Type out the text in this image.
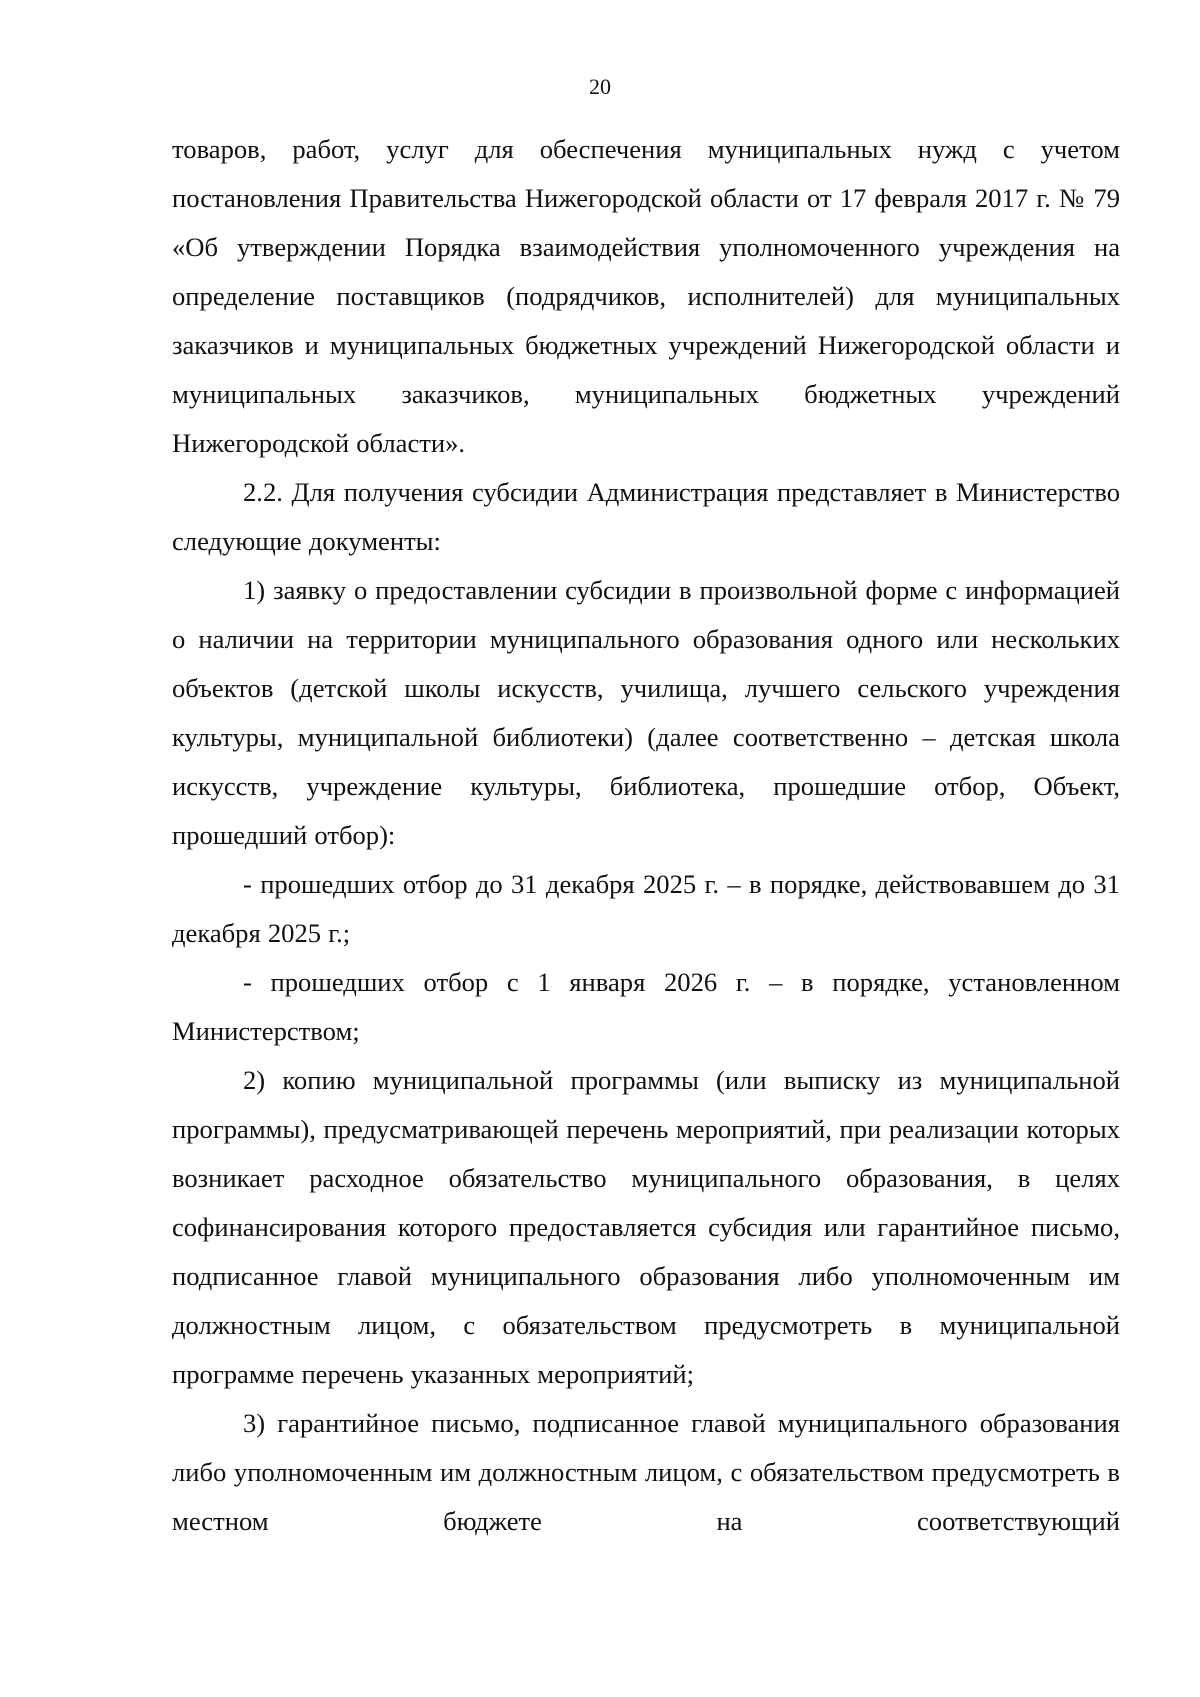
20

товаров, работ, услуг для обеспечения муниципальных нужд с учетом постановления Правительства Нижегородской области от 17 февраля 2017 г. № 79 «Об утверждении Порядка взаимодействия уполномоченного учреждения на определение поставщиков (подрядчиков, исполнителей) для муниципальных заказчиков и муниципальных бюджетных учреждений Нижегородской области и муниципальных заказчиков, муниципальных бюджетных учреждений Нижегородской области».

2.2. Для получения субсидии Администрация представляет в Министерство следующие документы:

1) заявку о предоставлении субсидии в произвольной форме с информацией о наличии на территории муниципального образования одного или нескольких объектов (детской школы искусств, училища, лучшего сельского учреждения культуры, муниципальной библиотеки) (далее соответственно – детская школа искусств, учреждение культуры, библиотека, прошедшие отбор, Объект, прошедший отбор):

- прошедших отбор до 31 декабря 2025 г. – в порядке, действовавшем до 31 декабря 2025 г.;

- прошедших отбор с 1 января 2026 г. – в порядке, установленном Министерством;

2) копию муниципальной программы (или выписку из муниципальной программы), предусматривающей перечень мероприятий, при реализации которых возникает расходное обязательство муниципального образования, в целях софинансирования которого предоставляется субсидия или гарантийное письмо, подписанное главой муниципального образования либо уполномоченным им должностным лицом, с обязательством предусмотреть в муниципальной программе перечень указанных мероприятий;

3) гарантийное письмо, подписанное главой муниципального образования либо уполномоченным им должностным лицом, с обязательством предусмотреть в местном бюджете на соответствующий
